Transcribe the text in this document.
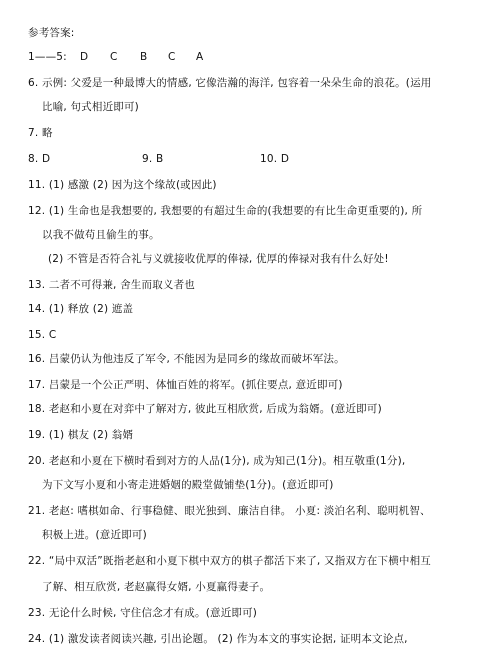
参考答案:
1——5: D C B C A
6. 示例: 父爱是一种最博大的情感, 它像浩瀚的海洋, 包容着一朵朵生命的浪花。(运用
比喻, 句式相近即可)
7. 略
8. D	9. B	10. D
11. (1) 感激 (2) 因为这个缘故(或因此)
12. (1) 生命也是我想要的, 我想要的有超过生命的(我想要的有比生命更重要的), 所
以我不做苟且偷生的事。
(2) 不管是否符合礼与义就接收优厚的俸禄, 优厚的俸禄对我有什么好处!
13. 二者不可得兼, 舍生而取义者也
14. (1) 释放 (2) 遮盖
15. C
16. 吕蒙仍认为他违反了军令, 不能因为是同乡的缘故而破坏军法。
17. 吕蒙是一个公正严明、体恤百姓的将军。(抓住要点, 意近即可)
18. 老赵和小夏在对弈中了解对方, 彼此互相欣赏, 后成为翁婿。(意近即可)
19. (1) 棋友 (2) 翁婿
20. 老赵和小夏在下横时看到对方的人品(1分), 成为知己(1分)。相互敬重(1分),
为下文写小夏和小寄走进婚姻的殿堂做铺垫(1分)。(意近即可)
21. 老赵: 嗜棋如命、行事稳健、眼光独到、廉洁自律。 小夏: 淡泊名利、聪明机智、
积极上进。(意近即可)
22. “局中双活”既指老赵和小夏下棋中双方的棋子都活下来了, 又指双方在下横中相互
了解、相互欣赏, 老赵赢得女婿, 小夏赢得妻子。
23. 无论什么时候, 守住信念才有成。(意近即可)
24. (1) 激发读者阅读兴趣, 引出论题。 (2) 作为本文的事实论据, 证明本文论点,
